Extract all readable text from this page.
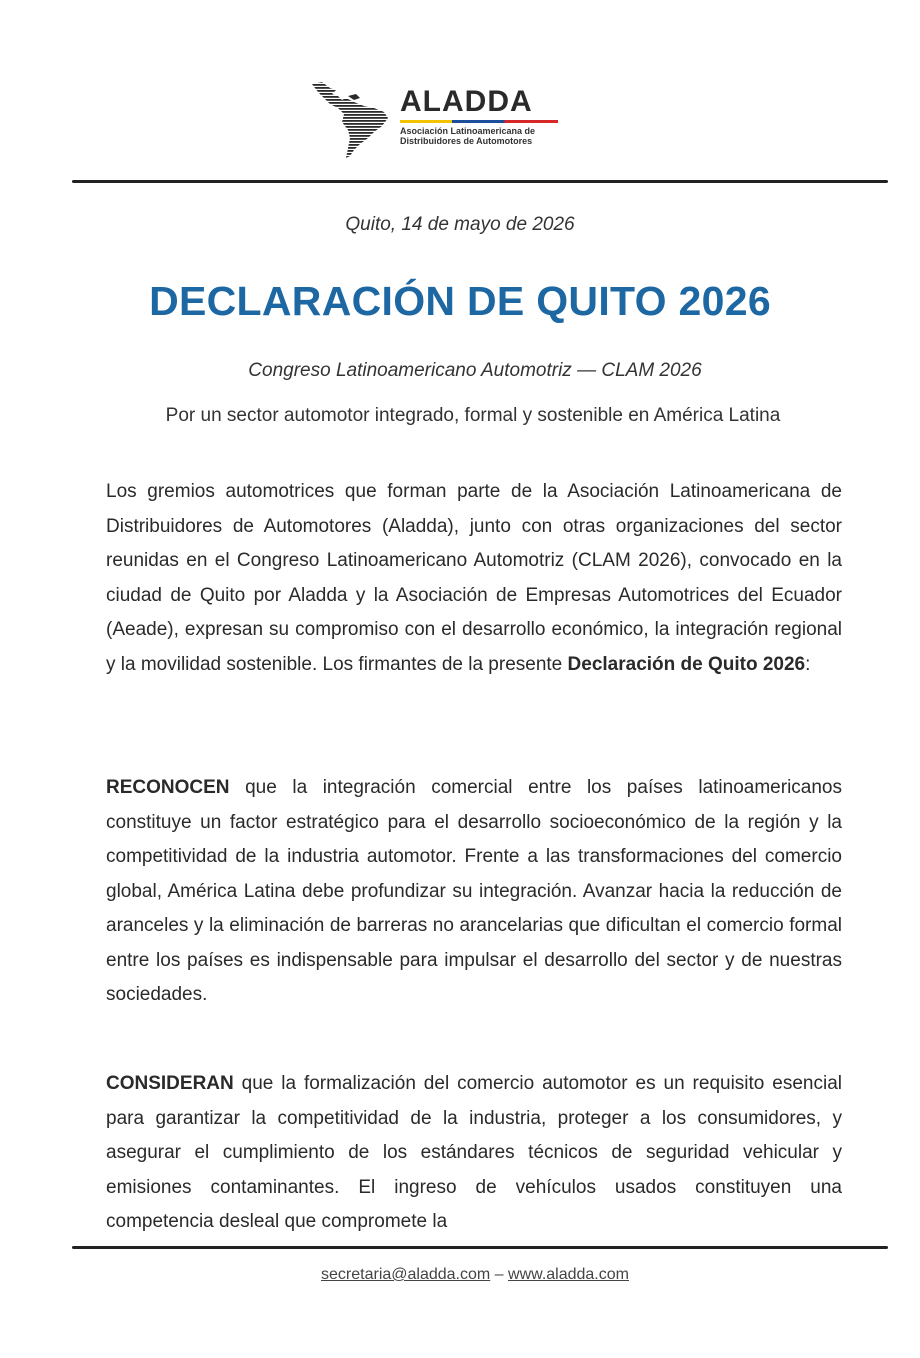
ALADDA
Asociación Latinoamericana de
Distribuidores de Automotores
Quito, 14 de mayo de 2026
DECLARACIÓN DE QUITO 2026
Congreso Latinoamericano Automotriz — CLAM 2026
Por un sector automotor integrado, formal y sostenible en América Latina
Los gremios automotrices que forman parte de la Asociación Latinoamericana de Distribuidores de Automotores (Aladda), junto con otras organizaciones del sector reunidas en el Congreso Latinoamericano Automotriz (CLAM 2026), convocado en la ciudad de Quito por Aladda y la Asociación de Empresas Automotrices del Ecuador (Aeade), expresan su compromiso con el desarrollo económico, la integración regional y la movilidad sostenible. Los firmantes de la presente Declaración de Quito 2026:
RECONOCEN que la integración comercial entre los países latinoamericanos constituye un factor estratégico para el desarrollo socioeconómico de la región y la competitividad de la industria automotor. Frente a las transformaciones del comercio global, América Latina debe profundizar su integración. Avanzar hacia la reducción de aranceles y la eliminación de barreras no arancelarias que dificultan el comercio formal entre los países es indispensable para impulsar el desarrollo del sector y de nuestras sociedades.
CONSIDERAN que la formalización del comercio automotor es un requisito esencial para garantizar la competitividad de la industria, proteger a los consumidores, y asegurar el cumplimiento de los estándares técnicos de seguridad vehicular y emisiones contaminantes. El ingreso de vehículos usados constituyen una competencia desleal que compromete la
secretaria@aladda.com – www.aladda.com
